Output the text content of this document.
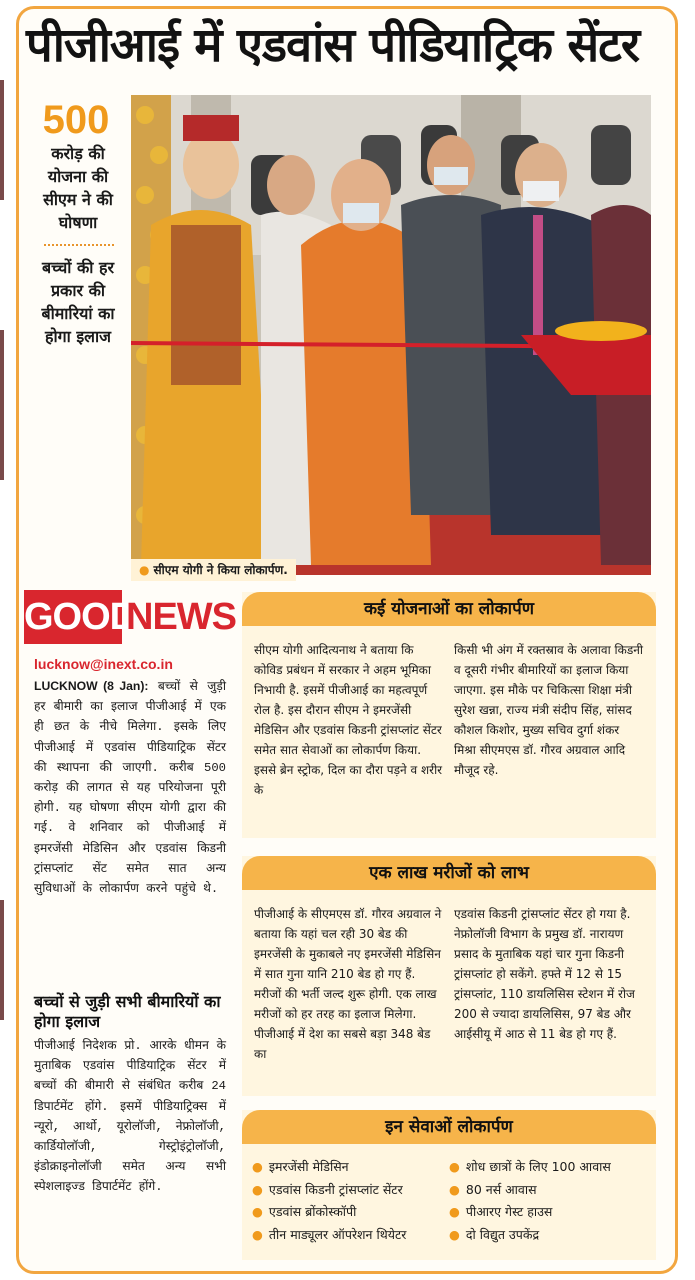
पीजीआई में एडवांस पीडियाट्रिक सेंटर
500
करोड़ की योजना की सीएम ने की घोषणा
बच्चों की हर प्रकार की बीमारियां का होगा इलाज
● सीएम योगी ने किया लोकार्पण.
GOOD
NEWS
lucknow@inext.co.in
LUCKNOW (8 Jan): बच्चों से जुड़ी हर बीमारी का इलाज पीजीआई में एक ही छत के नीचे मिलेगा. इसके लिए पीजीआई में एडवांस पीडियाट्रिक सेंटर की स्थापना की जाएगी. करीब 500 करोड़ की लागत से यह परियोजना पूरी होगी. यह घोषणा सीएम योगी द्वारा की गई. वे शनिवार को पीजीआई में इमरजेंसी मेडिसिन और एडवांस किडनी ट्रांसप्लांट सेंट समेत सात अन्य सुविधाओं के लोकार्पण करने पहुंचे थे.
बच्चों से जुड़ी सभी बीमारियों का होगा इलाज
पीजीआई निदेशक प्रो. आरके धीमन के मुताबिक एडवांस पीडियाट्रिक सेंटर में बच्चों की बीमारी से संबंधित करीब 24 डिपार्टमेंट होंगे. इसमें पीडियाट्रिक्स में न्यूरो, आर्थो, यूरोलॉजी, नेफ्रोलॉजी, कार्डियोलॉजी, गेस्ट्रोइंट्रोलॉजी, इंडोक्राइनोलॉजी समेत अन्य सभी स्पेशलाइज्ड डिपार्टमेंट होंगे.
कई योजनाओं का लोकार्पण
सीएम योगी आदित्यनाथ ने बताया कि कोविड प्रबंधन में सरकार ने अहम भूमिका निभायी है. इसमें पीजीआई का महत्वपूर्ण रोल है. इस दौरान सीएम ने इमरजेंसी मेडिसिन और एडवांस किडनी ट्रांसप्लांट सेंटर समेत सात सेवाओं का लोकार्पण किया. इससे ब्रेन स्ट्रोक, दिल का दौरा पड़ने व शरीर के
किसी भी अंग में रक्तस्राव के अलावा किडनी व दूसरी गंभीर बीमारियों का इलाज किया जाएगा. इस मौके पर चिकित्सा शिक्षा मंत्री सुरेश खन्ना, राज्य मंत्री संदीप सिंह, सांसद कौशल किशोर, मुख्य सचिव दुर्गा शंकर मिश्रा सीएमएस डॉ. गौरव अग्रवाल आदि मौजूद रहे.
एक लाख मरीजों को लाभ
पीजीआई के सीएमएस डॉ. गौरव अग्रवाल ने बताया कि यहां चल रही 30 बेड की इमरजेंसी के मुकाबले नए इमरजेंसी मेडिसिन में सात गुना यानि 210 बेड हो गए हैं. मरीजों की भर्ती जल्द शुरू होगी. एक लाख मरीजों को हर तरह का इलाज मिलेगा. पीजीआई में देश का सबसे बड़ा 348 बेड का
एडवांस किडनी ट्रांसप्लांट सेंटर हो गया है. नेफ्रोलॉजी विभाग के प्रमुख डॉ. नारायण प्रसाद के मुताबिक यहां चार गुना किडनी ट्रांसप्लांट हो सकेंगे. हफ्ते में 12 से 15 ट्रांसप्लांट, 110 डायलिसिस स्टेशन में रोज 200 से ज्यादा डायलिसिस, 97 बेड और आईसीयू में आठ से 11 बेड हो गए हैं.
इन सेवाओं लोकार्पण
● इमरजेंसी मेडिसिन
● एडवांस किडनी ट्रांसप्लांट सेंटर
● एडवांस ब्रोंकोस्कॉपी
● तीन माड्यूलर ऑपरेशन थियेटर
● शोध छात्रों के लिए 100 आवास
● 80 नर्स आवास
● पीआरए गेस्ट हाउस
● दो विद्युत उपकेंद्र
